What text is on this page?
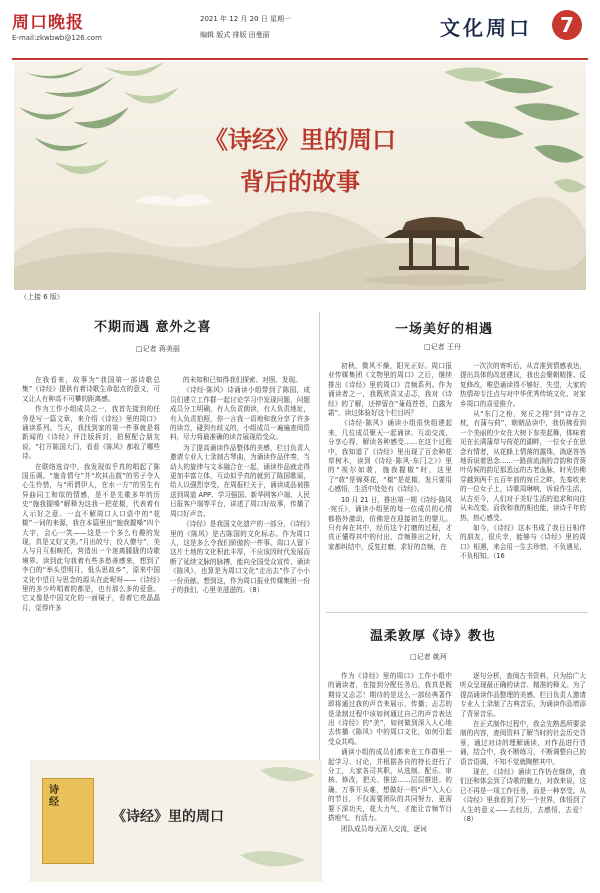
周口晚报
E-mail:zkwbwb@126.com
2021 年 12 月 20 日 星期一
编辑 版式 排版 田曼丽	文化周口	7
《诗经》里的周口
背后的故事
（上接 6 版）
不期而遇 意外之喜
□记者 蒋美丽

在我看来，故事为“我国第一部诗歌总集”《诗经》提供有着诗歌生命起点的意义，可又让人有种高不可攀的距离感。

作为工作小组成员之一，我首先接到的任务是写一篇文章，来介绍《诗经》里的周口》诵读系列。当天，我找到家的第一件事就是将新闻的《诗经》评注版拆封，拍照配合朋友说，“打开陈国大门，看看《陈风》都收了哪些诗。

在联络选诗中，我发现似乎真的唱起了陈国乐调。“施肯情兮”并“坎其击鼓”的男子令人心生怜惜，与“所谓伊人，在水一方”的男生有异曲同工和似的情感，是不是先歌多年的历史“施我握嗓”解释为这我一把花椒，代表着有人示好之意。一直不解周口人口语中的“花椒”一词的来源，我在本篇里出“施我握嗓”四个大字，会心一笑——这是一个多么有趣的发现，真是又好又美。”月出皎兮，佼人僚兮”，美人与月互相映托，营造出一个迷离朦胧的诗歌境界。读到此句我着有些多愁善感来，想到了李白的“举头望明月，低头思故乡”，原来中国文化中望月与思念的源头在此呢呀——《诗经》里的多少吟唱着的都是，也有那么多的爱意。它又像是中国文化的一面镜子，看着它亮晶晶月，觉得许多

的未知和已知得我们探索、对照、发现。

《诗经·陈风》诗诵读小组带到了陈国，成员们建立工作群一起讨论学习中发现问题，问题成员分工明确，有人负责朗读，有人负责地址，有人负责拍照，你一言我一语地和我分享了许多的读音，碰到有歧义的，小组成员一遍遍查阅资料，尽力将最准确的读音展现给受众。

为了提高诵读作品整体的美感，栏目负责人邀请专业人士录制古琴曲，为诵读作品伴奏，当动人的旋律与文本融合在一起，诵读作品就走得更加丰富立体，互动似乎真的就到了陈国歌谣，给人以强烈享受。在周报栏关于，诵读成品被推送到周道 APP、学习强国、新华网客户端、人民日报客户端等平台，讲述了周口好故事，传播了周口好声音。

《诗经》是我国文化遗产的一部分，《诗经》里的《陈风》是古陈国的文化标志。作为周口人，这是多么令我们骄傲的一件事。周口人留下这片土地的文化积此丰厚，不应该因时代发展而断了延续文脉的脉搏，能向全国受众宣传、诵读《陈风》，也算是为周口文化“走出去”作了小小一份贡献。想到这，作为周口报业传媒集团一份子的我们，心里美滋滋的。（8）

一场美好的相遇
□记者 王丹

初秋，微风不燥，阳光正好。周口报业传媒集团《文物里的周口》之后，继续推出《诗经》里的周口》音频系列。作为诵读者之一，我既欣喜又忐忑，我对《诗经》的了解，还停留在“蒹葭苍苍，白露为霜”，读过体验好这个栏目吗？

《诗经·陈风》诵读小组很快组建起来，几位成员聚天一起诵读、互动交流，分享心得，解读各种感受……在这个过程中，我知道了《诗经》里出现了百余种花草树木，读到《诗经·陈风·东门之》》里的“视尔如荍，施我握椒”时，这里了“荍”是锦葵花，“椒”是花椒，发只要用心感悟，生活中处处有《诗经》。

10 月 21 日，推出第一期《诗经·陈风·宛丘》，诵读小组里的每一位成员的心情都格外激动，仿佛是在迎接初生的婴儿。只有奔在其中，经历这个打磨的过程，才真正懂得其中的付出，音频推出之时，大家都纠结中，反复打磨，求好的音频，在

一次次的寄听后，从音准到情感表达，提出具体的改进建议，我也会聚朝精推、反复修改，唯恐诵读得不够好、失望，大家的热情却专注点与对中华优秀传统文化、对家乡周口的喜爱推介。

从“东门之枌，宛丘之栩”到“诗存之枕，有蒲与荷”，朝朝品读中，我仿佛看到一个美丽的少女在大树下参差起舞，体味着见在长满蒲草与荷花的湖畔，一位女子在思念有情者，从花蜂上情落的露珠，淌逐答答地诉说着思念……一路前流淌的音韵和青葵叶侍候的韵足那悉远的古老血脉，时光仿佛穿越到两千五百年前的宛丘之畔，先秦吹来的一位女子上，诗歌周琳响，诉说作生活，从古至今，人们对于美好生活的追求和向往从未改变。而我和我的相也能，读诗千年的热，热心感受。

如今，《诗经》这本书成了我日日相伴的朋友，很庆幸，能够与《诗经》里的周口》相遇，来会用一生去珍惜，不负遇见，不负相知。（16

温柔敦厚《诗》教也
□记者 姚珂

作为《诗经》里的周口》工作小组中的诵读者，在接到分配任务后，我真是既期待又忐忑！期待的是这么一部经典著作即将通过我的声音来展示、传播；忐忑的是录制过程中该如何通过自己的声音表达出《诗经》的“美”，如何做到深入人心地去传播《陈风》中的周口文化，如何引起受众共鸣。

诵读小组的成员们都来在工作群里一起学习、讨论，并根据各自的特长进行了分工，大家各司其职，从选制、配乐、审核、修改，把关、推送……层层推进。的确，万事开头难，想做好一档“声”入人心的节目，不仅需要团队的共同努力，更需要下深功夫，花大力气，才能让音频节目搭地气、有活力。

团队成员每天深入交流，逐词

逐句分析，查阅古书资料，只为给广大听众呈现最正确的读音、精准的释义。为了提高诵读作品整理的美感，栏目负责人邀请专业人士录制了古典音乐，为诵读作品增添了背景音乐。

在正式制作过程中，我会先熟悉所要录制的内容，查阅资料了解当时的社会历史背景，通过对诗的理解诵读，对作品进行背诵，结合中，我不断练习，不断调整自己的语音语调，不知不觉就陶醉其中。

现在，《诗经》诵读工作仍在继续，我们还和体会到了诗歌的魅力，对我来说，这已不再是一项工作任务，而是一种享受。从《诗经》里我看到了另一个世界，体悟到了人生的意义——去经历，去感悟，去爱！（8）

诗经
《诗经》里的周口
